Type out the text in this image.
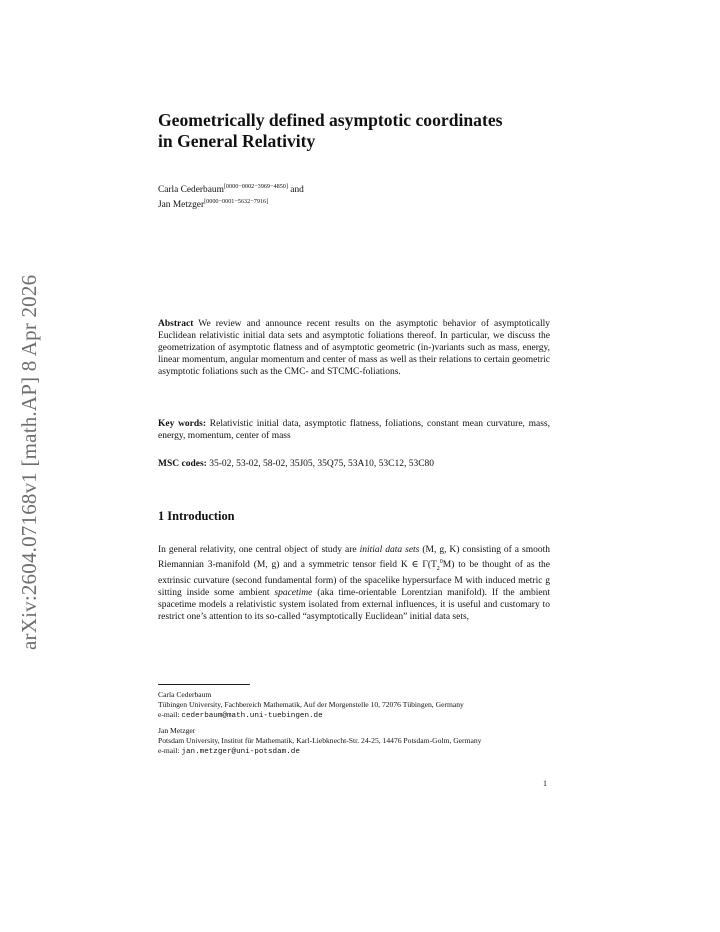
arXiv:2604.07168v1 [math.AP] 8 Apr 2026
Geometrically defined asymptotic coordinates
in General Relativity
Carla Cederbaum[0000−0002−3969−4850] and
Jan Metzger[0000−0001−5632−7916]
Abstract We review and announce recent results on the asymptotic behavior of asymptotically Euclidean relativistic initial data sets and asymptotic foliations thereof. In particular, we discuss the geometrization of asymptotic flatness and of asymptotic geometric (in-)variants such as mass, energy, linear momentum, angular momentum and center of mass as well as their relations to certain geometric asymptotic foliations such as the CMC- and STCMC-foliations.
Key words: Relativistic initial data, asymptotic flatness, foliations, constant mean curvature, mass, energy, momentum, center of mass
MSC codes: 35-02, 53-02, 58-02, 35J05, 35Q75, 53A10, 53C12, 53C80
1 Introduction

In general relativity, one central object of study are initial data sets (M, g, K) consisting of a smooth Riemannian 3-manifold (M, g) and a symmetric tensor field K ∈ $\Gamma(T_2^0M)$ to be thought of as the extrinsic curvature (second fundamental form) of the spacelike hypersurface M with induced metric g sitting inside some ambient spacetime (aka time-orientable Lorentzian manifold). If the ambient spacetime models a relativistic system isolated from external influences, it is useful and customary to restrict one’s attention to its so-called “asymptotically Euclidean” initial data sets,

Carla Cederbaum
Tübingen University, Fachbereich Mathematik, Auf der Morgenstelle 10, 72076 Tübingen, Germany
e-mail: cederbaum@math.uni-tuebingen.de
Jan Metzger
Potsdam University, Institut für Mathematik, Karl-Liebknecht-Str. 24-25, 14476 Potsdam-Golm, Germany
e-mail: jan.metzger@uni-potsdam.de
1
